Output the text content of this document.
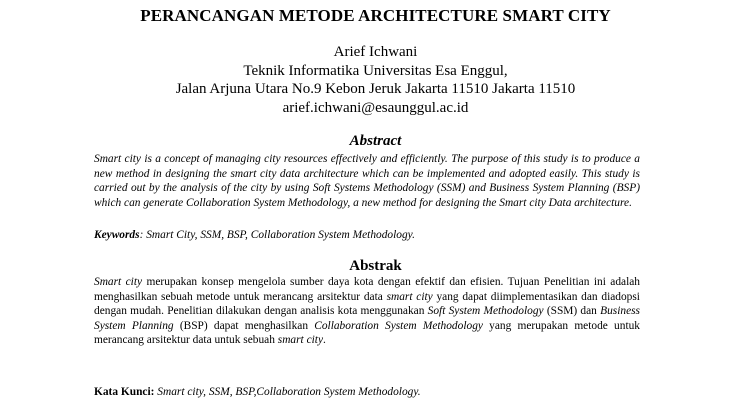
PERANCANGAN METODE ARCHITECTURE SMART CITY
Arief Ichwani
Teknik Informatika Universitas Esa Enggul,
Jalan Arjuna Utara No.9 Kebon Jeruk Jakarta 11510 Jakarta 11510
arief.ichwani@esaunggul.ac.id
Abstract
Smart city is a concept of managing city resources effectively and efficiently. The purpose of this study is to produce a new method in designing the smart city data architecture which can be implemented and adopted easily. This study is carried out by the analysis of the city by using Soft Systems Methodology (SSM) and Business System Planning (BSP) which can generate Collaboration System Methodology, a new method for designing the Smart city Data architecture.
Keywords: Smart City, SSM, BSP, Collaboration System Methodology.
Abstrak
Smart city merupakan konsep mengelola sumber daya kota dengan efektif dan efisien. Tujuan Penelitian ini adalah menghasilkan sebuah metode untuk merancang arsitektur data smart city yang dapat diimplementasikan dan diadopsi dengan mudah. Penelitian dilakukan dengan analisis kota menggunakan Soft System Methodology (SSM) dan Business System Planning (BSP) dapat menghasilkan Collaboration System Methodology yang merupakan metode untuk merancang arsitektur data untuk sebuah smart city.
Kata Kunci: Smart city, SSM, BSP,Collaboration System Methodology.
